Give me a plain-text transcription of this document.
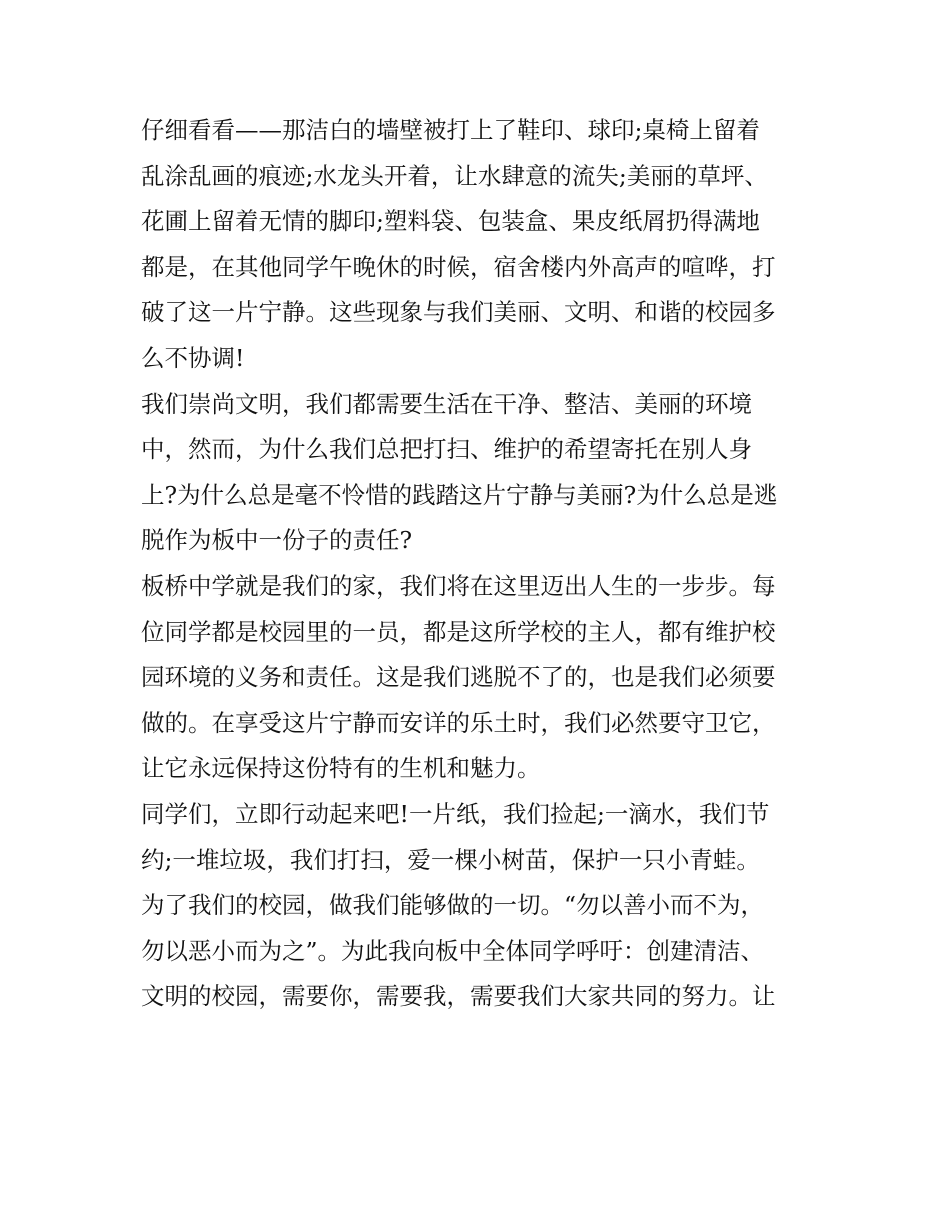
仔细看看——那洁白的墙壁被打上了鞋印、球印;桌椅上留着
乱涂乱画的痕迹;水龙头开着，让水肆意的流失;美丽的草坪、
花圃上留着无情的脚印;塑料袋、包装盒、果皮纸屑扔得满地
都是，在其他同学午晚休的时候，宿舍楼内外高声的喧哗，打
破了这一片宁静。这些现象与我们美丽、文明、和谐的校园多
么不协调!
我们崇尚文明，我们都需要生活在干净、整洁、美丽的环境
中，然而，为什么我们总把打扫、维护的希望寄托在别人身
上?为什么总是毫不怜惜的践踏这片宁静与美丽?为什么总是逃
脱作为板中一份子的责任?
板桥中学就是我们的家，我们将在这里迈出人生的一步步。每
位同学都是校园里的一员，都是这所学校的主人，都有维护校
园环境的义务和责任。这是我们逃脱不了的，也是我们必须要
做的。在享受这片宁静而安详的乐土时，我们必然要守卫它，
让它永远保持这份特有的生机和魅力。
同学们，立即行动起来吧!一片纸，我们捡起;一滴水，我们节
约;一堆垃圾，我们打扫，爱一棵小树苗，保护一只小青蛙。
为了我们的校园，做我们能够做的一切。“勿以善小而不为，
勿以恶小而为之”。为此我向板中全体同学呼吁：创建清洁、
文明的校园，需要你，需要我，需要我们大家共同的努力。让
